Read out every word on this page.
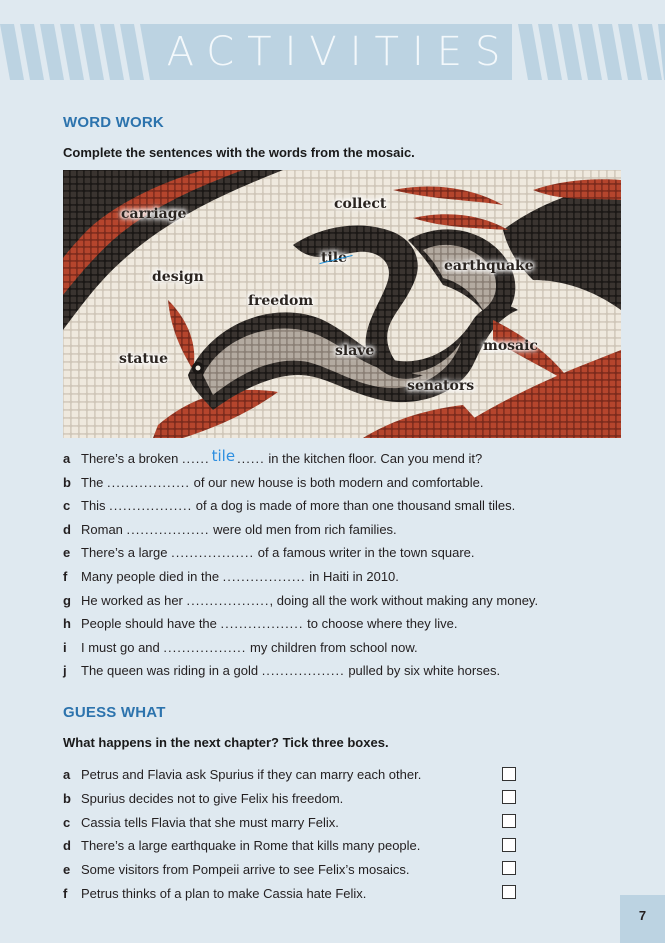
ACTIVITIES
WORD WORK
Complete the sentences with the words from the mosaic.
carriage
collect
tile
design
earthquake
freedom
statue	slave	mosaic
senators
a There’s a broken ...... tile ...... in the kitchen floor. Can you mend it?
b The .................. of our new house is both modern and comfortable.
c This .................. of a dog is made of more than one thousand small tiles.
d Roman .................. were old men from rich families.
e There’s a large .................. of a famous writer in the town square.
f	Many people died in the .................. in Haiti in 2010.
g He worked as her .................. , doing all the work without making any money.
h People should have the .................. to choose where they live.
i	I must go and .................. my children from school now.
j	The queen was riding in a gold .................. pulled by six white horses.
GUESS WHAT
What happens in the next chapter? Tick three boxes.
a Petrus and Flavia ask Spurius if they can marry each other.
b Spurius decides not to give Felix his freedom.
c Cassia tells Flavia that she must marry Felix.
d There’s a large earthquake in Rome that kills many people.
e Some visitors from Pompeii arrive to see Felix’s mosaics.
f	Petrus thinks of a plan to make Cassia hate Felix.
7
